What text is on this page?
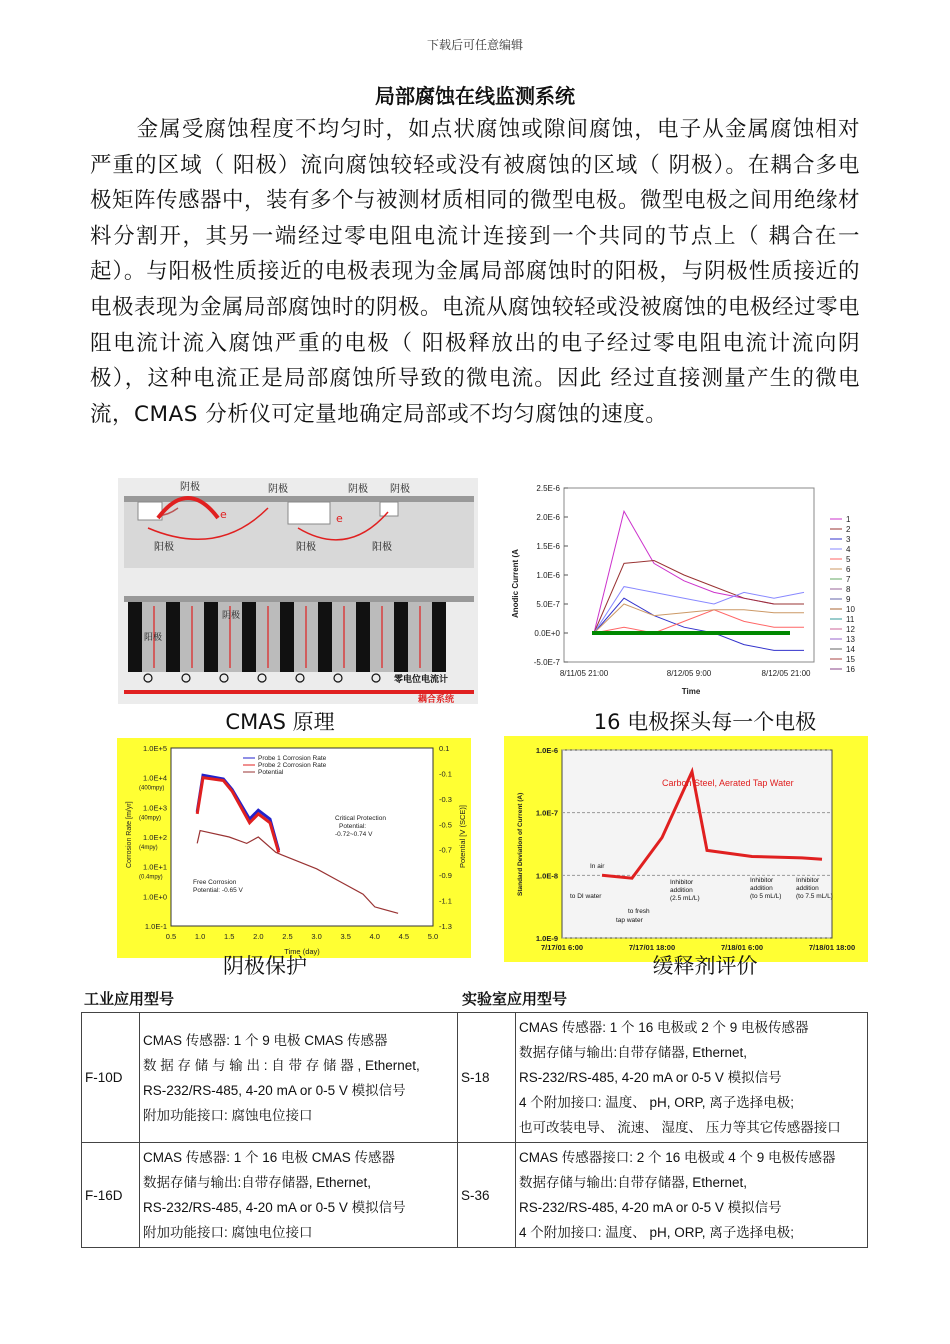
下载后可任意编辑
局部腐蚀在线监测系统
金属受腐蚀程度不均匀时，如点状腐蚀或隙间腐蚀，电子从金属腐蚀相对严重的区域（ 阳极）流向腐蚀较轻或没有被腐蚀的区域（ 阴极）。在耦合多电极矩阵传感器中，装有多个与被测材质相同的微型电极。微型电极之间用绝缘材料分割开，其另一端经过零电阻电流计连接到一个共同的节点上（ 耦合在一起）。与阳极性质接近的电极表现为金属局部腐蚀时的阳极，与阴极性质接近的电极表现为金属局部腐蚀时的阴极。电流从腐蚀较轻或没被腐蚀的电极经过零电阻电流计流入腐蚀严重的电极（ 阳极释放出的电子经过零电阻电流计流向阴极），这种电流正是局部腐蚀所导致的微电流。因此 经过直接测量产生的微电流，CMAS 分析仪可定量地确定局部或不均匀腐蚀的速度。
阴极	阴极	阴极 阴极
阳极	阳极	阳极
e	e
阳极
阴极
零电位电流计
耦合系统
CMAS 原理
2.5E-6
2.0E-6
1.5E-6
1.0E-6
5.0E-7
0.0E+0
-5.0E-7
8/11/05 21:00	8/12/05 9:00	8/12/05 21:00
Time
Anodic Current (A
1
2
3
4
5
6
7
8
9
10
11
12
13
14
15
16
16 电极探头每一个电极
1.0E+5
1.0E+4
1.0E+3
1.0E+2
1.0E+1
1.0E+0
1.0E-1
(400mpy)
(40mpy)
(4mpy)
(0.4mpy)
0.1
-0.1
-0.3
-0.5
-0.7
-0.9
-1.1
-1.3
0.5 1.0 1.5 2.0 2.5 3.0 3.5 4.0 4.5 5.0
Time (day)
Corrosion Rate [m/yr]	Potential [V (SCE)]
Probe 1 Corrosion Rate
Probe 2 Corrosion Rate
Potential
Critical Protection
Potential:
-0.72~0.74 V
Free Corrosion
Potential: -0.65 V
阴极保护
1.0E-6
1.0E-7
1.0E-8
1.0E-9
7/17/01 6:00	7/17/01 18:00	7/18/01 6:00	7/18/01 18:00
Standard Deviation of Current (A)
Carbon Steel, Aerated Tap Water
In air
to DI water
to fresh
tap water
Inhibitor
addition
(2.5 mL/L)
Inhibitor
addition
(to 5 mL/L)
Inhibitor
addition
(to 7.5 mL/L)
缓释剂评价
工业应用型号	实验室应用型号
F-10D	CMAS 传感器: 1 个 9 电极 CMAS 传感器
数 据 存 储 与 输 出 : 自 带 存 储 器 , Ethernet,
RS-232/RS-485, 4-20 mA or 0-5 V 模拟信号
附加功能接口: 腐蚀电位接口	S-18	CMAS 传感器: 1 个 16 电极或 2 个 9 电极传感器
数据存储与输出:自带存储器, Ethernet,
RS-232/RS-485, 4-20 mA or 0-5 V 模拟信号
4 个附加接口: 温度、 pH, ORP, 离子选择电极;
也可改装电导、 流速、 湿度、 压力等其它传感器接口

F-16D	CMAS 传感器: 1 个 16 电极 CMAS 传感器
数据存储与输出:自带存储器, Ethernet,
RS-232/RS-485, 4-20 mA or 0-5 V 模拟信号
附加功能接口: 腐蚀电位接口	S-36	CMAS 传感器接口: 2 个 16 电极或 4 个 9 电极传感器
数据存储与输出:自带存储器, Ethernet,
RS-232/RS-485, 4-20 mA or 0-5 V 模拟信号
4 个附加接口: 温度、 pH, ORP, 离子选择电极;
